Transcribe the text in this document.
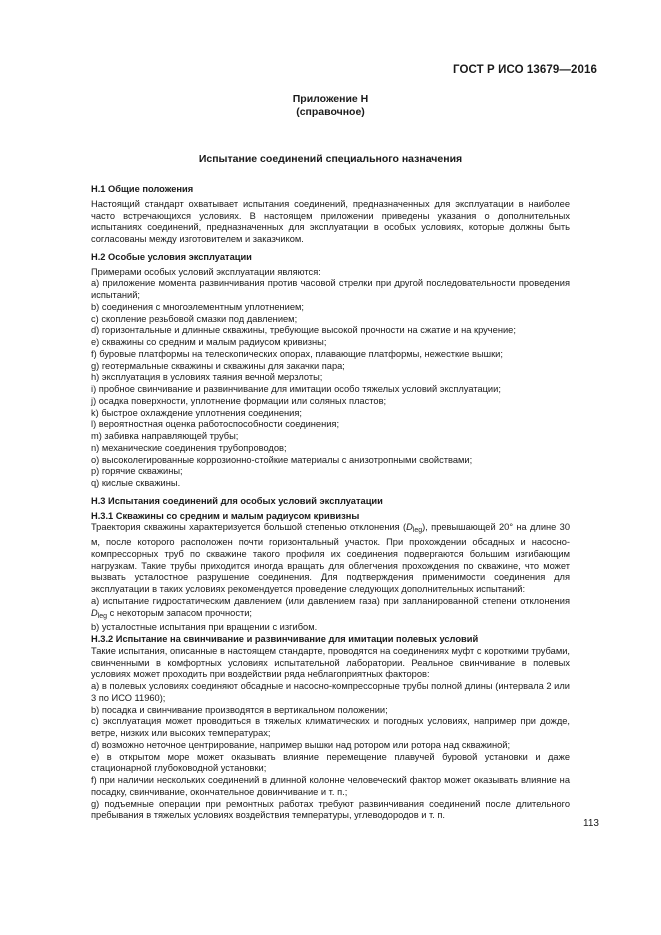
ГОСТ Р ИСО 13679—2016
Приложение Н
(справочное)
Испытание соединений специального назначения

Н.1 Общие положения

Настоящий стандарт охватывает испытания соединений, предназначенных для эксплуатации в наиболее часто встречающихся условиях. В настоящем приложении приведены указания о дополнительных испытаниях соединений, предназначенных для эксплуатации в особых условиях, которые должны быть согласованы между изготовителем и заказчиком.

Н.2 Особые условия эксплуатации

Примерами особых условий эксплуатации являются:

а) приложение момента развинчивания против часовой стрелки при другой последовательности проведения испытаний;

b) соединения с многоэлементным уплотнением;

c) скопление резьбовой смазки под давлением;

d) горизонтальные и длинные скважины, требующие высокой прочности на сжатие и на кручение;

е) скважины со средним и малым радиусом кривизны;

f) буровые платформы на телескопических опорах, плавающие платформы, нежесткие вышки;

g) геотермальные скважины и скважины для закачки пара;

h) эксплуатация в условиях таяния вечной мерзлоты;

i) пробное свинчивание и развинчивание для имитации особо тяжелых условий эксплуатации;

j) осадка поверхности, уплотнение формации или соляных пластов;

k) быстрое охлаждение уплотнения соединения;

l) вероятностная оценка работоспособности соединения;

m) забивка направляющей трубы;

n) механические соединения трубопроводов;

о) высоколегированные коррозионно-стойкие материалы с анизотропными свойствами;

p) горячие скважины;

q) кислые скважины.

Н.3 Испытания соединений для особых условий эксплуатации

Н.3.1 Скважины со средним и малым радиусом кривизны

Траектория скважины характеризуется большой степенью отклонения $(D_{leg})$, превышающей 20° на длине 30 м, после которого расположен почти горизонтальный участок. При прохождении обсадных и насосно-компрессорных труб по скважине такого профиля их соединения подвергаются большим изгибающим нагрузкам. Такие трубы приходится иногда вращать для облегчения прохождения по скважине, что может вызвать усталостное разрушение соединения. Для подтверждения применимости соединения для эксплуатации в таких условиях рекомендуется проведение следующих дополнительных испытаний:

а) испытание гидростатическим давлением (или давлением газа) при запланированной степени отклонения $D_{leg}$ с некоторым запасом прочности;

b) усталостные испытания при вращении с изгибом.

Н.3.2 Испытание на свинчивание и развинчивание для имитации полевых условий

Такие испытания, описанные в настоящем стандарте, проводятся на соединениях муфт с короткими трубами, свинченными в комфортных условиях испытательной лаборатории. Реальное свинчивание в полевых условиях может проходить при воздействии ряда неблагоприятных факторов:

а) в полевых условиях соединяют обсадные и насосно-компрессорные трубы полной длины (интервала 2 или 3 по ИСО 11960);

b) посадка и свинчивание производятся в вертикальном положении;

c) эксплуатация может проводиться в тяжелых климатических и погодных условиях, например при дожде, ветре, низких или высоких температурах;

d) возможно неточное центрирование, например вышки над ротором или ротора над скважиной;

е) в открытом море может оказывать влияние перемещение плавучей буровой установки и даже стационарной глубоководной установки;

f) при наличии нескольких соединений в длинной колонне человеческий фактор может оказывать влияние на посадку, свинчивание, окончательное довинчивание и т. п.;

g) подъемные операции при ремонтных работах требуют развинчивания соединений после длительного пребывания в тяжелых условиях воздействия температуры, углеводородов и т. п.

113
